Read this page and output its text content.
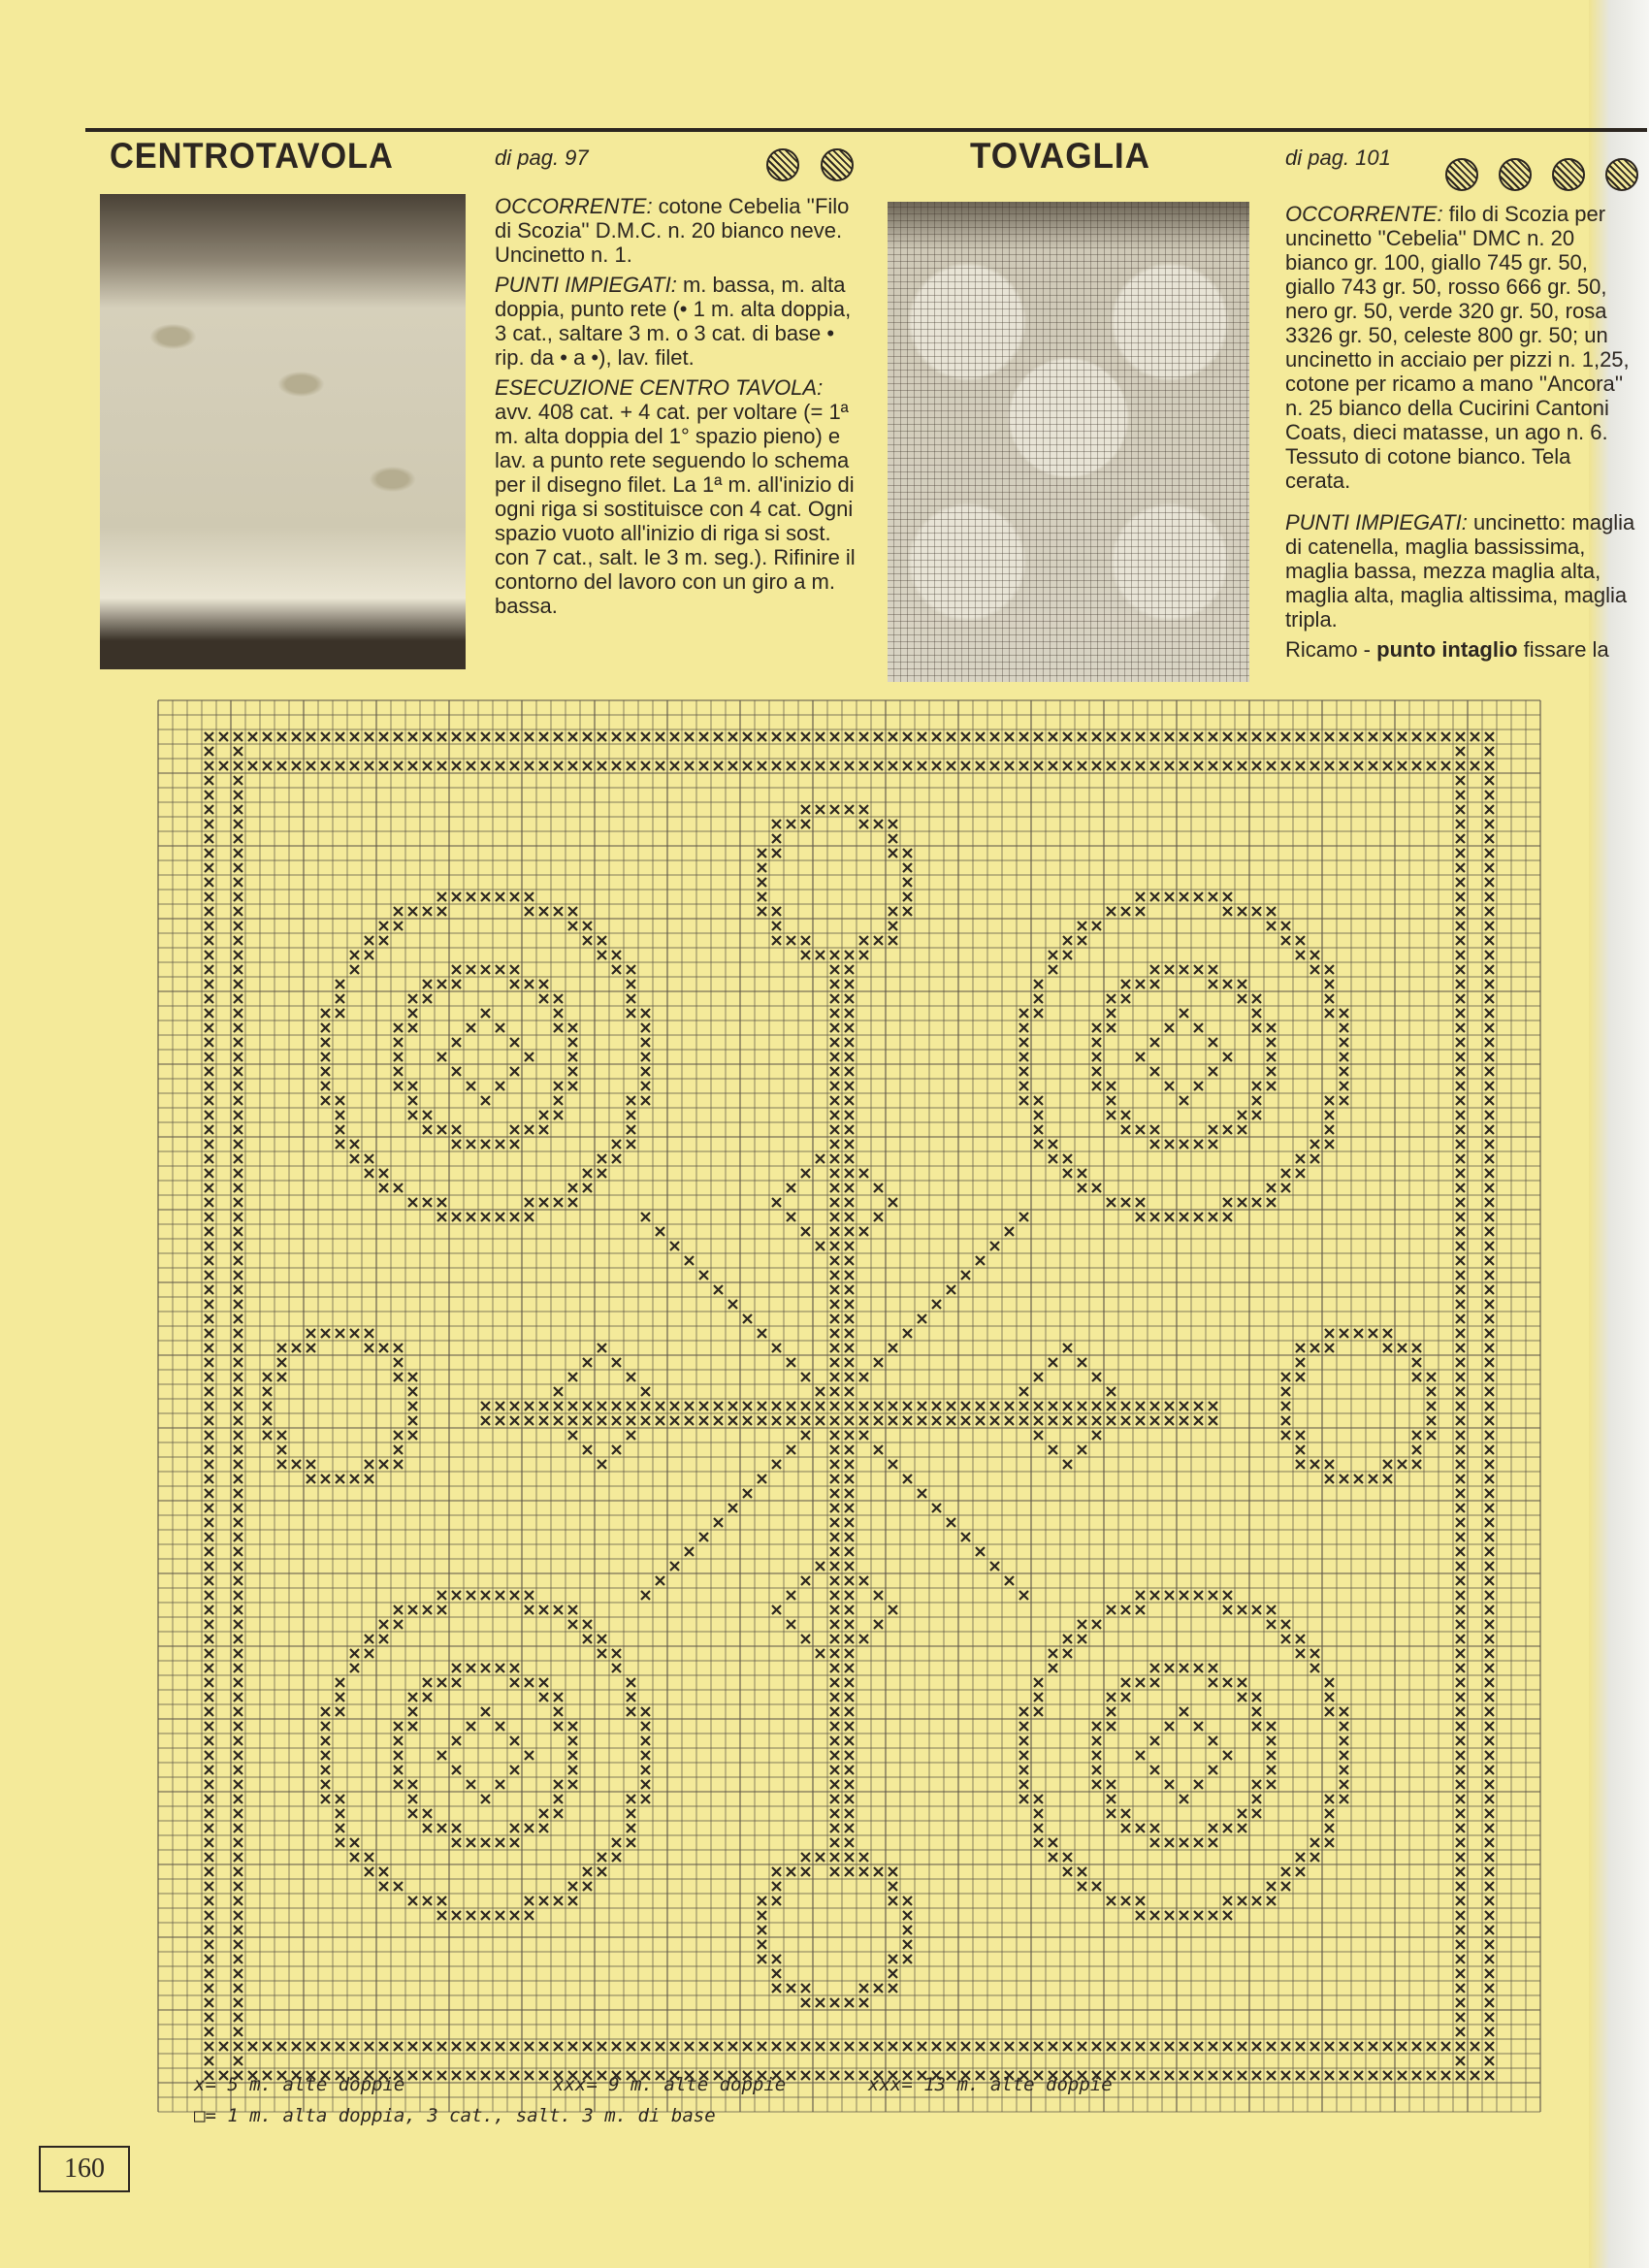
CENTROTAVOLA	di pag. 97

OCCORRENTE: cotone Cebelia ''Filo di Scozia'' D.M.C. n. 20 bianco neve. Uncinetto n. 1.

PUNTI IMPIEGATI: m. bassa, m. alta doppia, punto rete (• 1 m. alta doppia, 3 cat., saltare 3 m. o 3 cat. di base • rip. da • a •), lav. filet.

ESECUZIONE CENTRO TAVOLA: avv. 408 cat. + 4 cat. per voltare (= 1ª m. alta doppia del 1° spazio pieno) e lav. a punto rete seguendo lo schema per il disegno filet. La 1ª m. all'inizio di ogni riga si sostituisce con 4 cat. Ogni spazio vuoto all'inizio di riga si sost. con 7 cat., salt. le 3 m. seg.). Rifinire il contorno del lavoro con un giro a m. bassa.

TOVAGLIA	di pag. 101

OCCORRENTE: filo di Scozia per uncinetto ''Cebelia'' DMC n. 20 bianco gr. 100, giallo 745 gr. 50, giallo 743 gr. 50, rosso 666 gr. 50, nero gr. 50, verde 320 gr. 50, rosa 3326 gr. 50, celeste 800 gr. 50; un uncinetto in acciaio per pizzi n. 1,25, cotone per ricamo a mano ''Ancora'' n. 25 bianco della Cucirini Cantoni Coats, dieci matasse, un ago n. 6. Tessuto di cotone bianco. Tela cerata.

PUNTI IMPIEGATI: uncinetto: maglia di catenella, maglia bassissima, maglia bassa, mezza maglia alta, maglia alta, maglia altissima, maglia tripla.

Ricamo - punto intaglio fissare la

x= 5 m. alte doppie	xxx= 9 m. alte doppie	xxx= 13 m. alte doppie
□= 1 m. alta doppia, 3 cat., salt. 3 m. di base
160
